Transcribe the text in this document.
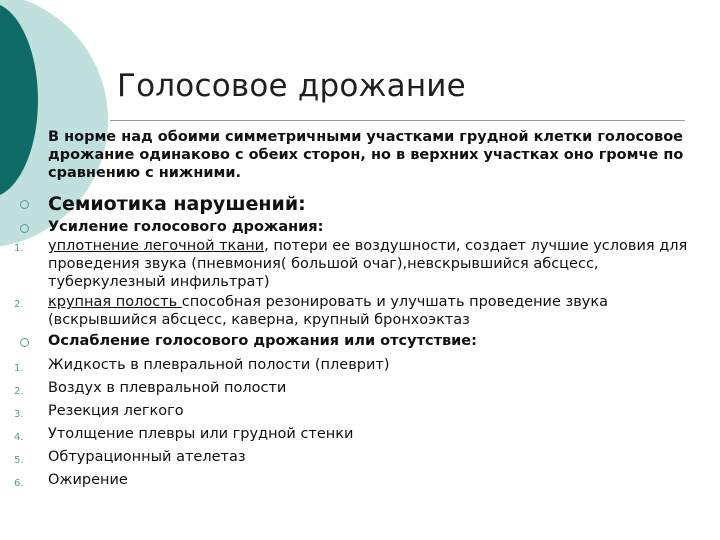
Голосовое дрожание
В норме над обоими симметричными участками грудной клетки голосовое дрожание одинаково с обеих сторон, но в верхних участках оно громче по сравнению с нижними.
Семиотика нарушений:
Усиление голосового дрожания:
1.	уплотнение легочной ткани, потери ее воздушности, создает лучшие условия для проведения звука (пневмония( большой очаг),невскрывшийся абсцесс, туберкулезный инфильтрат)
2.	крупная полость способная резонировать и улучшать проведение звука (вскрывшийся абсцесс, каверна, крупный бронхоэктаз
Ослабление голосового дрожания или отсутствие:
1.	Жидкость в плевральной полости (плеврит)
2.	Воздух в плевральной полости
3.	Резекция легкого
4.	Утолщение плевры или грудной стенки
5.	Обтурационный ателетаз
6.	Ожирение
